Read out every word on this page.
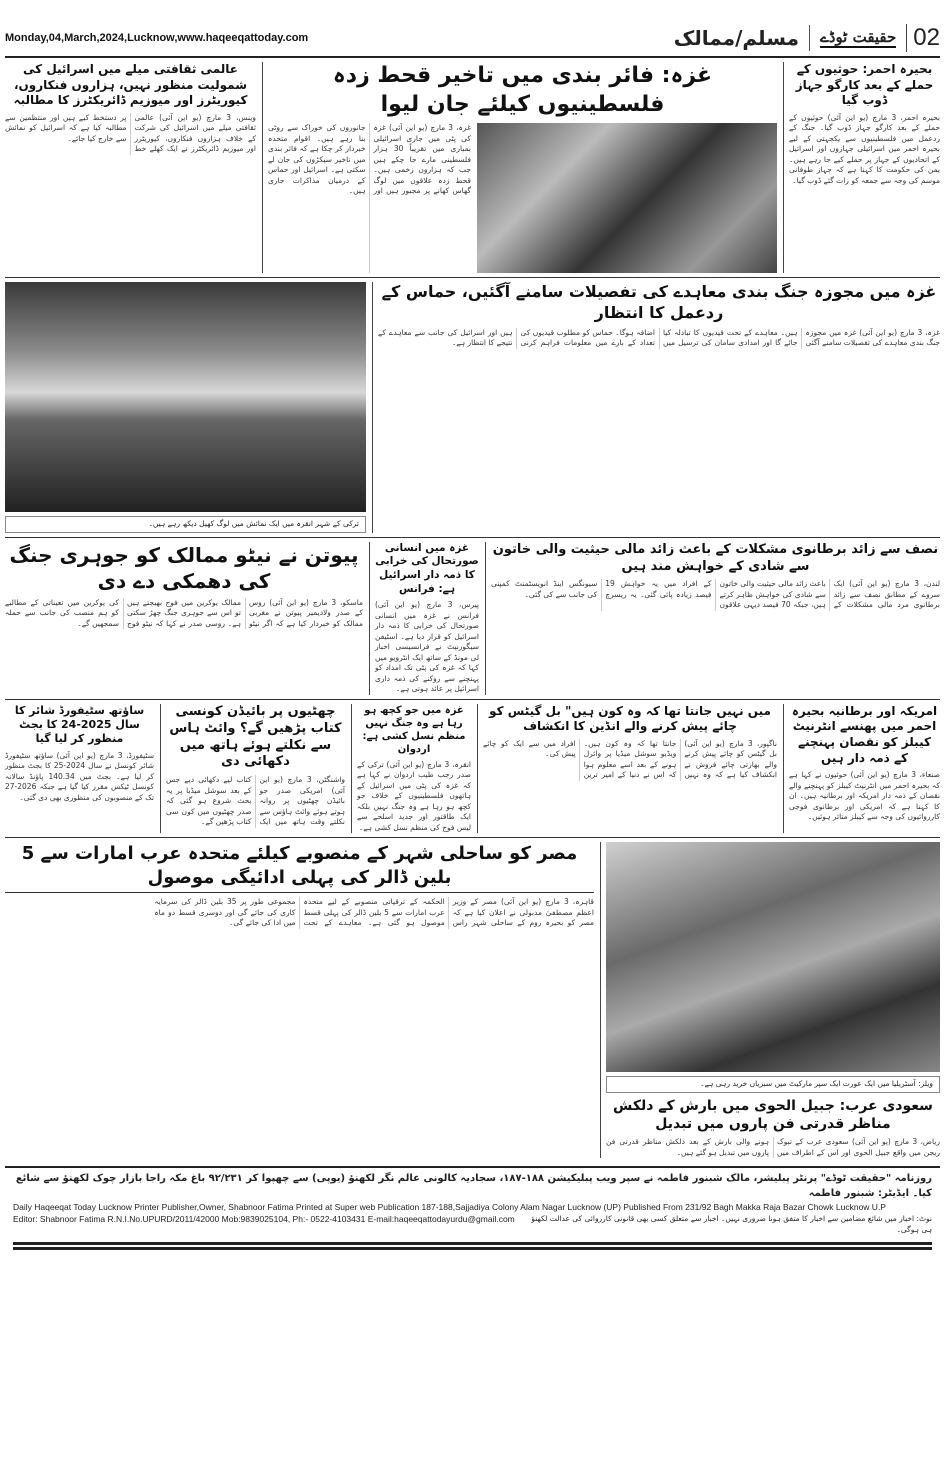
Monday,04,March,2024,Lucknow,www.haqeeqattoday.com	مسلم/ممالک حقیقت ٹوڈے 02
بحیرہ احمر: حوثیوں کے حملے کے بعد کارگو جہاز ڈوب گیا
بحیرہ احمر، 3 مارچ (یو این آئی) حوثیوں کے حملے کے بعد کارگو جہاز ڈوب گیا۔ جنگ کے ردعمل میں فلسطینیوں سے یکجہتی کے لیے بحیرہ احمر میں اسرائیلی جہازوں اور اسرائیل کے اتحادیوں کے جہاز پر حملے کیے جا رہے ہیں۔ یمن کی حکومت کا کہنا ہے کہ جہاز طوفانی موسم کی وجہ سے جمعہ کو رات گئے ڈوب گیا۔
غزہ: فائر بندی میں تاخیر قحط زدہ فلسطینیوں کیلئے جان لیوا
غزہ، 3 مارچ (یو این آئی) غزہ کی پٹی میں جاری اسرائیلی بمباری میں تقریباً 30 ہزار فلسطینی مارے جا چکے ہیں جب کہ ہزاروں زخمی ہیں۔ قحط زدہ علاقوں میں لوگ گھاس کھانے پر مجبور ہیں اور جانوروں کی خوراک سے روٹی بنا رہے ہیں۔ اقوام متحدہ خبردار کر چکا ہے کہ فائر بندی میں تاخیر سیکڑوں کی جان لے سکتی ہے۔ اسرائیل اور حماس کے درمیان مذاکرات جاری ہیں۔
عالمی ثقافتی میلے میں اسرائیل کی شمولیت منظور نہیں، ہزاروں فنکاروں، کیوریٹرز اور میوزیم ڈائریکٹرز کا مطالبہ
وینس، 3 مارچ (یو این آئی) عالمی ثقافتی میلے میں اسرائیل کی شرکت کے خلاف ہزاروں فنکاروں، کیوریٹرز اور میوزیم ڈائریکٹرز نے ایک کھلے خط پر دستخط کیے ہیں اور منتظمین سے مطالبہ کیا ہے کہ اسرائیل کو نمائش سے خارج کیا جائے۔
غزہ میں مجوزہ جنگ بندی معاہدے کی تفصیلات سامنے آگئیں، حماس کے ردعمل کا انتظار
غزہ، 3 مارچ (یو این آئی) غزہ میں مجوزہ جنگ بندی معاہدے کی تفصیلات سامنے آگئی ہیں۔ معاہدے کے تحت قیدیوں کا تبادلہ کیا جائے گا اور امدادی سامان کی ترسیل میں اضافہ ہوگا۔ حماس کو مطلوب قیدیوں کی تعداد کے بارے میں معلومات فراہم کرنی ہیں اور اسرائیل کی جانب سے معاہدے کے نتیجے کا انتظار ہے۔
ترکی کے شہر انقرہ میں ایک نمائش میں لوگ کھیل دیکھ رہے ہیں۔
نصف سے زائد برطانوی مشکلات کے باعث زائد مالی حیثیت والی خاتون سے شادی کے خواہش مند ہیں
لندن، 3 مارچ (یو این آئی) ایک سروے کے مطابق نصف سے زائد برطانوی مرد مالی مشکلات کے باعث زائد مالی حیثیت والی خاتون سے شادی کی خواہش ظاہر کرتے ہیں، جبکہ 70 فیصد دیہی علاقوں کے افراد میں یہ خواہش 19 فیصد زیادہ پائی گئی۔ یہ ریسرچ سیونگس اینڈ انویسٹمنٹ کمپنی کی جانب سے کی گئی۔
غزہ میں انسانی صورتحال کی خرابی کا ذمہ دار اسرائیل ہے: فرانس
پیرس، 3 مارچ (یو این آئی) فرانس نے غزہ میں انسانی صورتحال کی خرابی کا ذمہ دار اسرائیل کو قرار دیا ہے۔ اسٹیفن سیگورنیٹ نے فرانسیسی اخبار لی مونڈ کے ساتھ ایک انٹرویو میں کہا کہ غزہ کی پٹی تک امداد کو پہنچنے سے روکنے کی ذمہ داری اسرائیل پر عائد ہوتی ہے۔
پیوتن نے نیٹو ممالک کو جوہری جنگ کی دھمکی دے دی
ماسکو، 3 مارچ (یو این آئی) روس کے صدر ولادیمیر پیوتن نے مغربی ممالک کو خبردار کیا ہے کہ اگر نیٹو ممالک یوکرین میں فوج بھیجتے ہیں تو اس سے جوہری جنگ چھڑ سکتی ہے۔ روسی صدر نے کہا کہ نیٹو فوج کی یوکرین میں تعیناتی کے مطالبے کو ہم منصب کی جانب سے حملہ سمجھیں گے۔
امریکہ اور برطانیہ بحیرہ احمر میں پھنسے انٹرنیٹ کیبلز کو نقصان پہنچنے کے ذمہ دار ہیں
صنعاء، 3 مارچ (یو این آئی) حوثیوں نے کہا ہے کہ بحیرہ احمر میں انٹرنیٹ کیبلز کو پہنچنے والے نقصان کے ذمہ دار امریکہ اور برطانیہ ہیں۔ ان کا کہنا ہے کہ امریکی اور برطانوی فوجی کارروائیوں کی وجہ سے کیبلز متاثر ہوئیں۔
میں نہیں جانتا تھا کہ وہ کون ہیں" بل گیٹس کو چائے پیش کرنے والے انڈین کا انکشاف
ناگپور، 3 مارچ (یو این آئی) بل گیٹس کو چائے پیش کرنے والے بھارتی چائے فروش نے انکشاف کیا ہے کہ وہ نہیں جانتا تھا کہ وہ کون ہیں۔ ویڈیو سوشل میڈیا پر وائرل ہونے کے بعد اسے معلوم ہوا کہ اس نے دنیا کے امیر ترین افراد میں سے ایک کو چائے پیش کی۔
غزہ میں جو کچھ ہو رہا ہے وہ جنگ نہیں منظم نسل کشی ہے: اردوان
انقرہ، 3 مارچ (یو این آئی) ترکی کے صدر رجب طیب اردوان نے کہا ہے کہ غزہ کی پٹی میں اسرائیل کے ہاتھوں فلسطینیوں کے خلاف جو کچھ ہو رہا ہے وہ جنگ نہیں بلکہ ایک طاقتور اور جدید اسلحے سے لیس فوج کی منظم نسل کشی ہے۔
چھٹیوں پر بائیڈن کونسی کتاب پڑھیں گے؟ وائٹ ہاس سے نکلتے ہوئے ہاتھ میں دکھائی دی
واشنگٹن، 3 مارچ (یو این آئی) امریکی صدر جو بائیڈن چھٹیوں پر روانہ ہوتے ہوئے وائٹ ہاؤس سے نکلتے وقت ہاتھ میں ایک کتاب لیے دکھائی دیے جس کے بعد سوشل میڈیا پر یہ بحث شروع ہو گئی کہ صدر چھٹیوں میں کون سی کتاب پڑھیں گے۔
ساؤتھ سٹیفورڈ شائر کا سال 2025-24 کا بجٹ منظور کر لیا گیا
سٹیفورڈ، 3 مارچ (یو این آئی) ساؤتھ سٹیفورڈ شائر کونسل نے سال 2024-25 کا بجٹ منظور کر لیا ہے۔ بجٹ میں 140.34 پاؤنڈ سالانہ کونسل ٹیکس مقرر کیا گیا ہے جبکہ 2026-27 تک کے منصوبوں کی منظوری بھی دی گئی۔
ویلز: آسٹریلیا میں ایک عورت ایک سپر مارکیٹ میں سبزیاں خرید رہی ہے۔
سعودی عرب: جبیل الحوی میں بارش کے دلکش مناظر قدرتی فن پاروں میں تبدیل
ریاض، 3 مارچ (یو این آئی) سعودی عرب کے تبوک ریجن میں واقع جبیل الحوی اور اس کے اطراف میں ہونے والی بارش کے بعد دلکش مناظر قدرتی فن پاروں میں تبدیل ہو گئے ہیں۔
مصر کو ساحلی شہر کے منصوبے کیلئے متحدہ عرب امارات سے 5 بلین ڈالر کی پہلی ادائیگی موصول
قاہرہ، 3 مارچ (یو این آئی) مصر کے وزیر اعظم مصطفیٰ مدبولی نے اعلان کیا ہے کہ مصر کو بحیرہ روم کے ساحلی شہر راس الحکمہ کے ترقیاتی منصوبے کے لیے متحدہ عرب امارات سے 5 بلین ڈالر کی پہلی قسط موصول ہو گئی ہے۔ معاہدے کے تحت مجموعی طور پر 35 بلین ڈالر کی سرمایہ کاری کی جائے گی اور دوسری قسط دو ماہ میں ادا کی جائے گی۔
روزنامہ "حقیقت ٹوڈے" پرنٹر پبلیشر، مالک شبنور فاطمہ نے سپر ویب پبلیکیشن ۱۸۸-۱۸۷، سجادیہ کالونی عالم نگر لکھنؤ (یوپی) سے چھپوا کر ۹۲/۲۳۱ باغ مکہ راجا بازار چوک لکھنؤ سے شائع کیا۔ ایڈیٹر: شبنور فاطمہ
Daily Haqeeqat Today Lucknow Printer Publisher,Owner, Shabnoor Fatima Printed at Super web Publication 187-188,Sajjadiya Colony Alam Nagar Lucknow (UP) Published From 231/92 Bagh Makka Raja Bazar Chowk Lucknow U.P
Editor: Shabnoor Fatima R.N.I.No.UPURD/2011/42000 Mob:9839025104, Ph:- 0522-4103431 E-mail:haqeeqattodayurdu@gmail.com	نوٹ: اخبار میں شائع مضامین سے اخبار کا متفق ہونا ضروری نہیں۔ اخبار سے متعلق کسی بھی قانونی کارروائی کی عدالت لکھنؤ ہی ہوگی۔
